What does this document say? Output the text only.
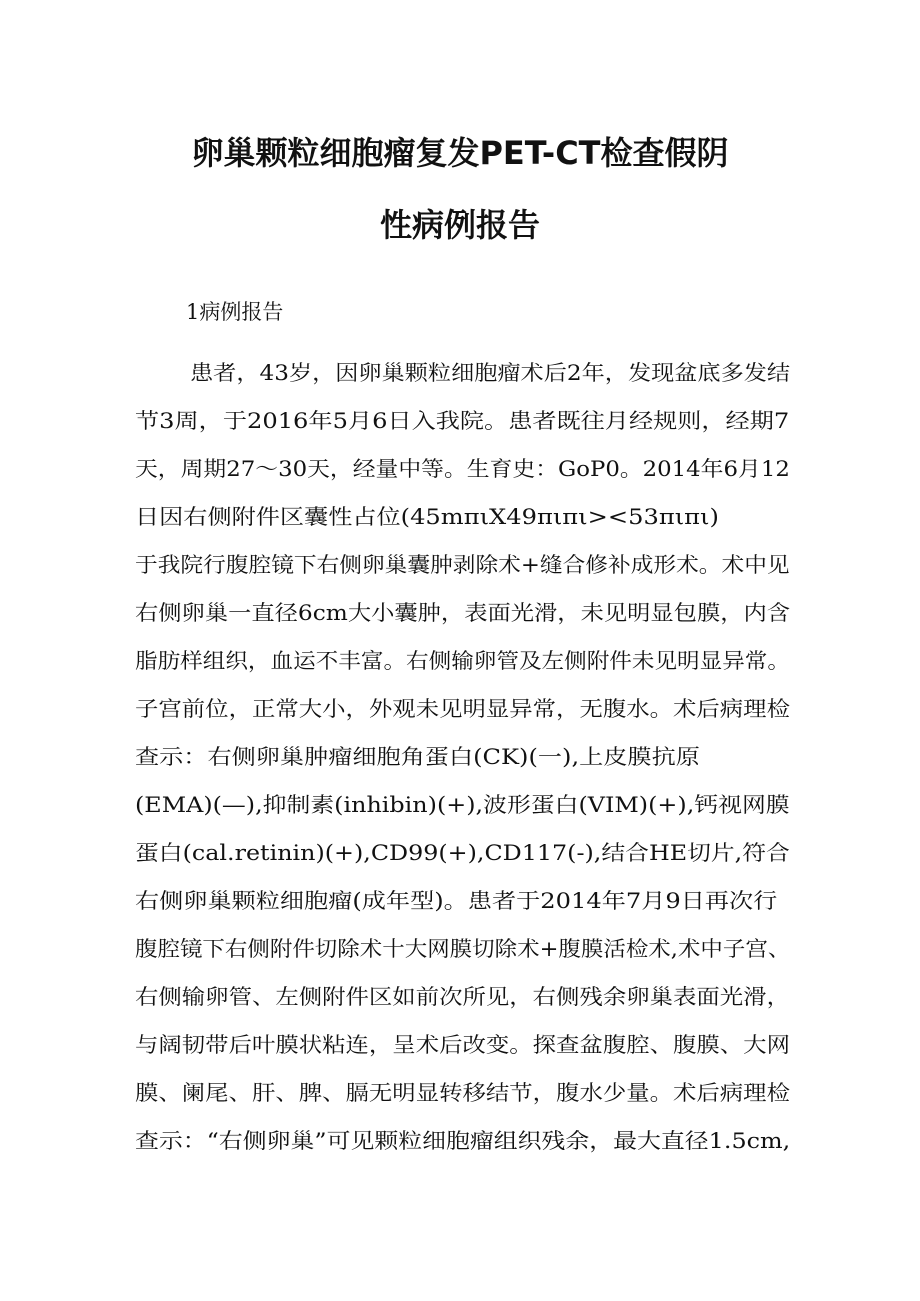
卵巢颗粒细胞瘤复发PET-CT检查假阴
性病例报告
1病例报告
患者，43岁，因卵巢颗粒细胞瘤术后2年，发现盆底多发结
节3周，于2016年5月6日入我院。患者既往月经规则，经期7
天，周期27～30天，经量中等。生育史：GoP0。2014年6月12
日因右侧附件区囊性占位(45mπιX49πιπι><53πιπι)
于我院行腹腔镜下右侧卵巢囊肿剥除术+缝合修补成形术。术中见
右侧卵巢一直径6cm大小囊肿，表面光滑，未见明显包膜，内含
脂肪样组织，血运不丰富。右侧输卵管及左侧附件未见明显异常。
子宫前位，正常大小，外观未见明显异常，无腹水。术后病理检
查示：右侧卵巢肿瘤细胞角蛋白(CK)(一),上皮膜抗原
(EMA)(—),抑制素(inhibin)(+),波形蛋白(VIM)(+),钙视网膜
蛋白(cal.retinin)(+),CD99(+),CD117(-),结合HE切片,符合
右侧卵巢颗粒细胞瘤(成年型)。患者于2014年7月9日再次行
腹腔镜下右侧附件切除术十大网膜切除术+腹膜活检术,术中子宫、
右侧输卵管、左侧附件区如前次所见，右侧残余卵巢表面光滑，
与阔韧带后叶膜状粘连，呈术后改变。探查盆腹腔、腹膜、大网
膜、阑尾、肝、脾、膈无明显转移结节，腹水少量。术后病理检
查示：“右侧卵巢”可见颗粒细胞瘤组织残余，最大直径1.5cm,
